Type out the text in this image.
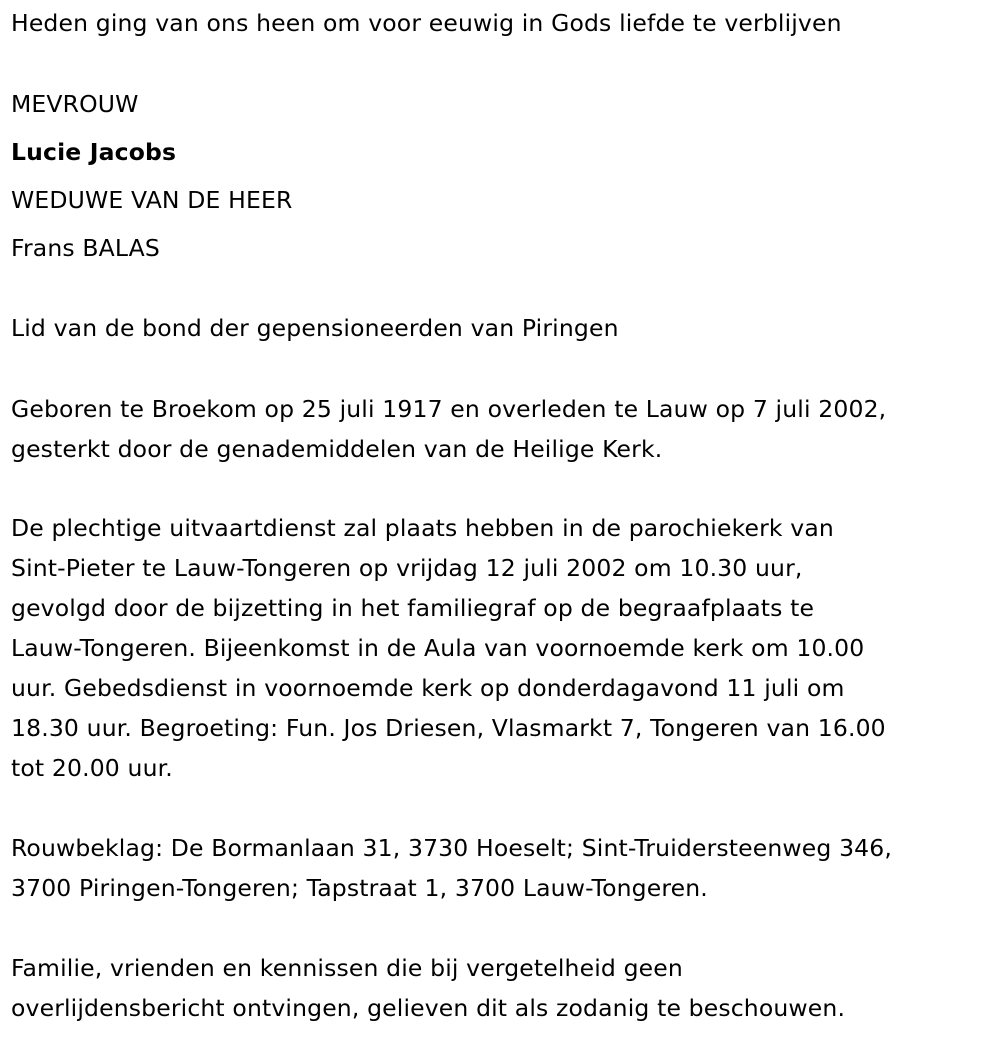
Heden ging van ons heen om voor eeuwig in Gods liefde te verblijven
MEVROUW
Lucie Jacobs
WEDUWE VAN DE HEER
Frans BALAS
Lid van de bond der gepensioneerden van Piringen
Geboren te Broekom op 25 juli 1917 en overleden te Lauw op 7 juli 2002,
gesterkt door de genademiddelen van de Heilige Kerk.
De plechtige uitvaartdienst zal plaats hebben in de parochiekerk van
Sint-Pieter te Lauw-Tongeren op vrijdag 12 juli 2002 om 10.30 uur,
gevolgd door de bijzetting in het familiegraf op de begraafplaats te
Lauw-Tongeren. Bijeenkomst in de Aula van voornoemde kerk om 10.00
uur. Gebedsdienst in voornoemde kerk op donderdagavond 11 juli om
18.30 uur. Begroeting: Fun. Jos Driesen, Vlasmarkt 7, Tongeren van 16.00
tot 20.00 uur.
Rouwbeklag: De Bormanlaan 31, 3730 Hoeselt; Sint-Truidersteenweg 346,
3700 Piringen-Tongeren; Tapstraat 1, 3700 Lauw-Tongeren.
Familie, vrienden en kennissen die bij vergetelheid geen
overlijdensbericht ontvingen, gelieven dit als zodanig te beschouwen.
